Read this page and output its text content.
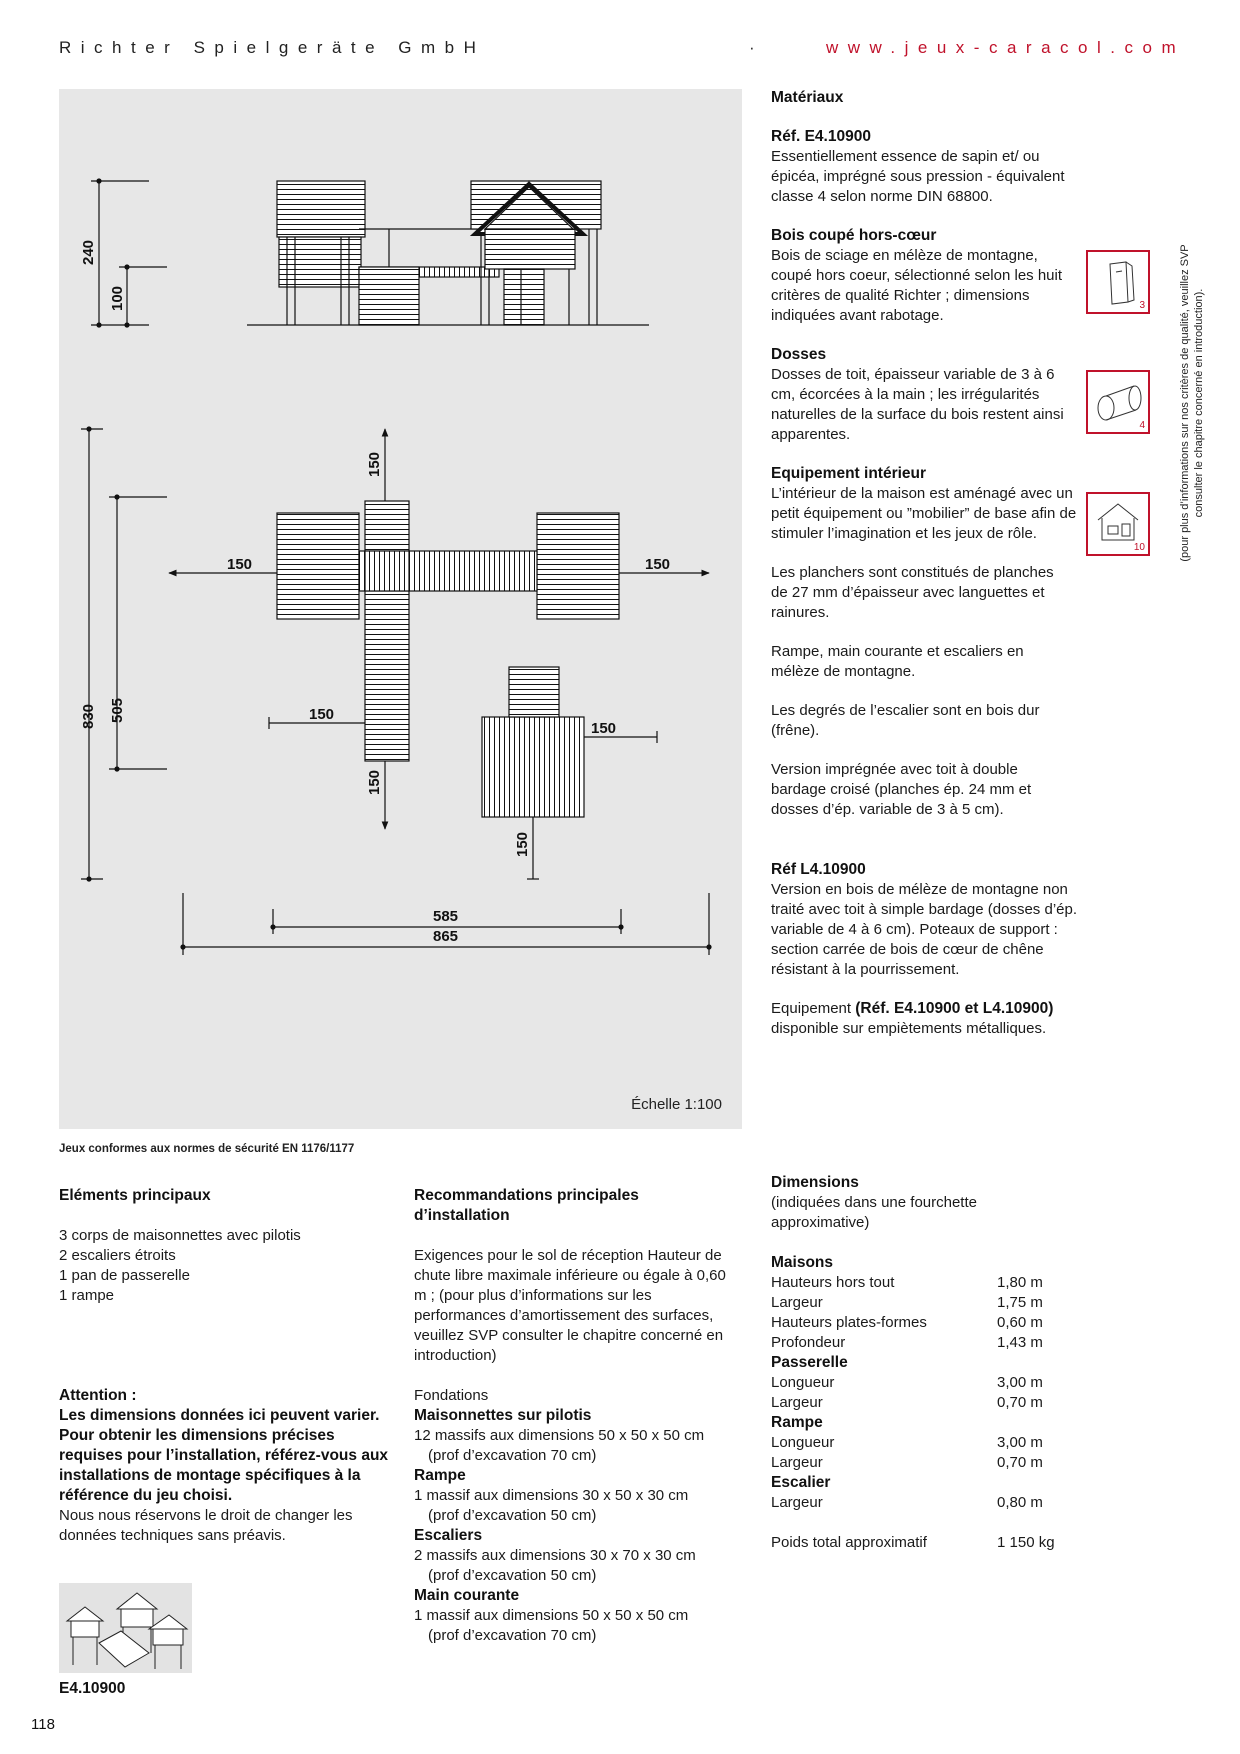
Richter Spielgeräte GmbH	·	www.jeux-caracol.com
240
100
830 505
150
150	150
150
150
150
150
585
865
Échelle 1:100
Jeux conformes aux normes de sécurité EN 1176/1177

Matériaux

Réf. E4.10900
Essentiellement essence de sapin et/ ou épicéa, imprégné sous pression - équivalent classe 4 selon norme DIN 68800.

Bois coupé hors-cœur
Bois de sciage en mélèze de montagne, coupé hors coeur, sélectionné selon les huit critères de qualité Richter ; dimensions indiquées avant rabotage.

Dosses
Dosses de toit, épaisseur variable de 3 à 6 cm, écorcées à la main ; les irrégularités naturelles de la surface du bois restent ainsi apparentes.

Equipement intérieur
L’intérieur de la maison est aménagé avec un petit équipement ou ”mobilier” de base afin de stimuler l’imagination et les jeux de rôle.

Les planchers sont constitués de planches de 27 mm d’épaisseur avec languettes et rainures.

Rampe, main courante et escaliers en mélèze de montagne.

Les degrés de l’escalier sont en bois dur (frêne).

Version imprégnée avec toit à double bardage croisé (planches ép. 24 mm et dosses d’ép. variable de 3 à 5 cm).

Réf L4.10900
Version en bois de mélèze de montagne non traité avec toit à simple bardage (dosses d’ép. variable de 4 à 6 cm). Poteaux de support : section carrée de bois de cœur de chêne résistant à la pourrissement.

Equipement (Réf. E4.10900 et L4.10900) disponible sur empiètements métalliques.

3
4
10	(pour plus d’informations sur nos critères de qualité, veuillez SVP consulter le chapitre concerné en introduction).
Eléments principaux
3 corps de maisonnettes avec pilotis
2 escaliers étroits
1 pan de passerelle
1 rampe
Attention :
Les dimensions données ici peuvent varier. Pour obtenir les dimensions précises requises pour l’installation, référez-vous aux installations de montage spécifiques à la référence du jeu choisi.
Nous nous réservons le droit de changer les données techniques sans préavis.
Recommandations principales d’installation
Exigences pour le sol de réception Hauteur de chute libre maximale inférieure ou égale à 0,60 m ; (pour plus d’informations sur les performances d’amortissement des surfaces, veuillez SVP consulter le chapitre concerné en introduction)
Fondations
Maisonnettes sur pilotis
12 massifs aux dimensions 50 x 50 x 50 cm
(prof d’excavation 70 cm)
Rampe
1 massif aux dimensions 30 x 50 x 30 cm
(prof d’excavation 50 cm)
Escaliers
2 massifs aux dimensions 30 x 70 x 30 cm
(prof d’excavation 50 cm)
Main courante
1 massif aux dimensions 50 x 50 x 50 cm
(prof d’excavation 70 cm)
Dimensions
(indiquées dans une fourchette approximative)
Maisons
Hauteurs hors tout	1,80 m
Largeur	1,75 m
Hauteurs plates-formes	0,60 m
Profondeur	1,43 m
Passerelle
Longueur	3,00 m
Largeur	0,70 m
Rampe
Longueur	3,00 m
Largeur	0,70 m
Escalier
Largeur	0,80 m
Poids total approximatif	1 150 kg
E4.10900
118
